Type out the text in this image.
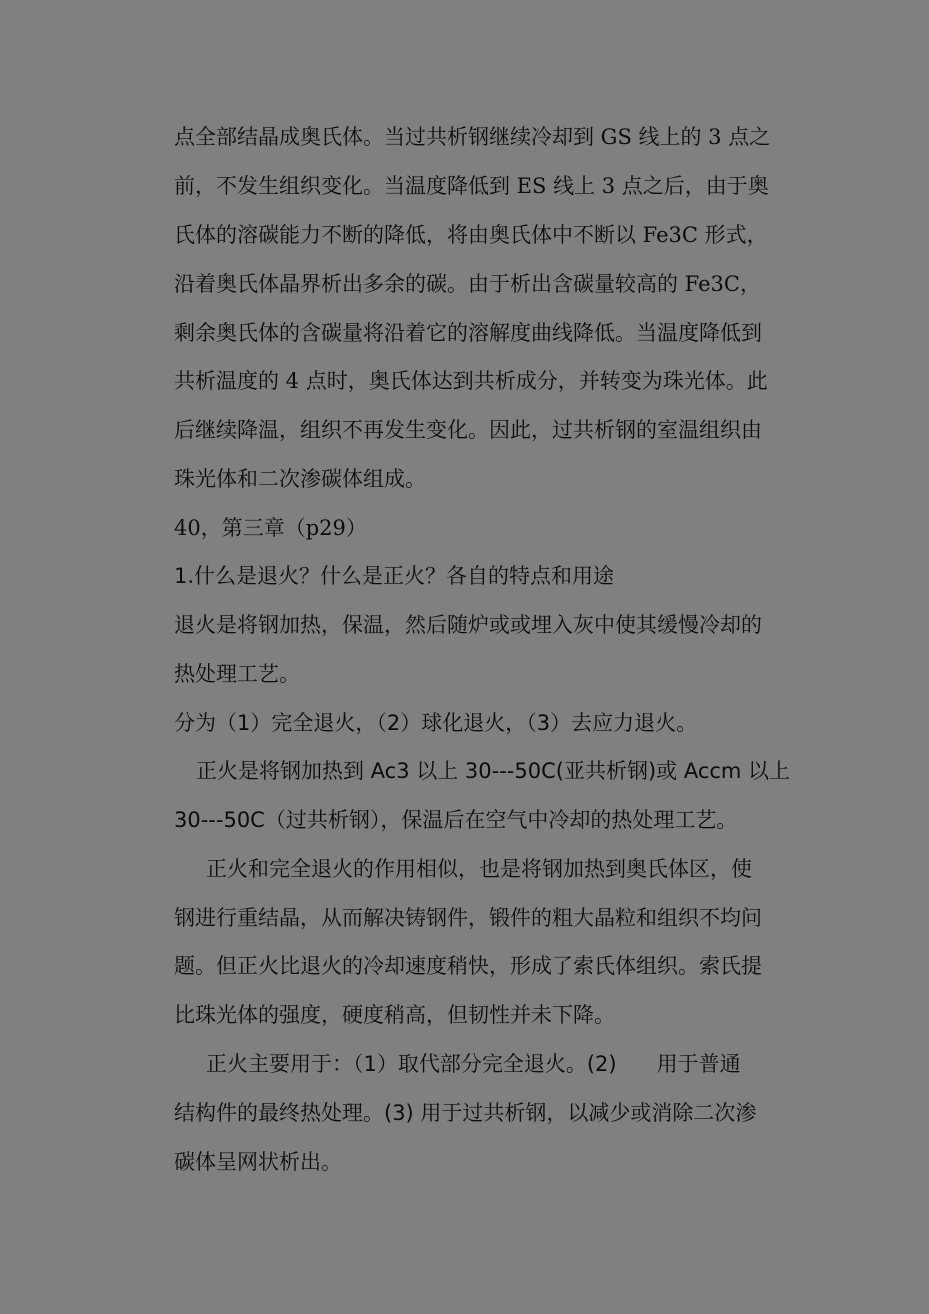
点全部结晶成奥氏体。当过共析钢继续冷却到 GS 线上的 3 点之
前，不发生组织变化。当温度降低到 ES 线上 3 点之后，由于奥
氏体的溶碳能力不断的降低，将由奥氏体中不断以 Fe3C 形式，
沿着奥氏体晶界析出多余的碳。由于析出含碳量较高的 Fe3C，
剩余奥氏体的含碳量将沿着它的溶解度曲线降低。当温度降低到
共析温度的 4 点时，奥氏体达到共析成分，并转变为珠光体。此
后继续降温，组织不再发生变化。因此，过共析钢的室温组织由
珠光体和二次渗碳体组成。
40，第三章（p29）
1.什么是退火？什么是正火？各自的特点和用途
退火是将钢加热，保温，然后随炉或或埋入灰中使其缓慢冷却的
热处理工艺。
分为（1）完全退火，（2）球化退火，（3）去应力退火。
正火是将钢加热到 Ac3 以上 30---50C(亚共析钢)或 Accm 以上
30---50C（过共析钢），保温后在空气中冷却的热处理工艺。
正火和完全退火的作用相似，也是将钢加热到奥氏体区，使
钢进行重结晶，从而解决铸钢件，锻件的粗大晶粒和组织不均问
题。但正火比退火的冷却速度稍快，形成了索氏体组织。索氏提
比珠光体的强度，硬度稍高，但韧性并未下降。
正火主要用于：（1）取代部分完全退火。(2)      用于普通
结构件的最终热处理。(3) 用于过共析钢，以减少或消除二次渗
碳体呈网状析出。
